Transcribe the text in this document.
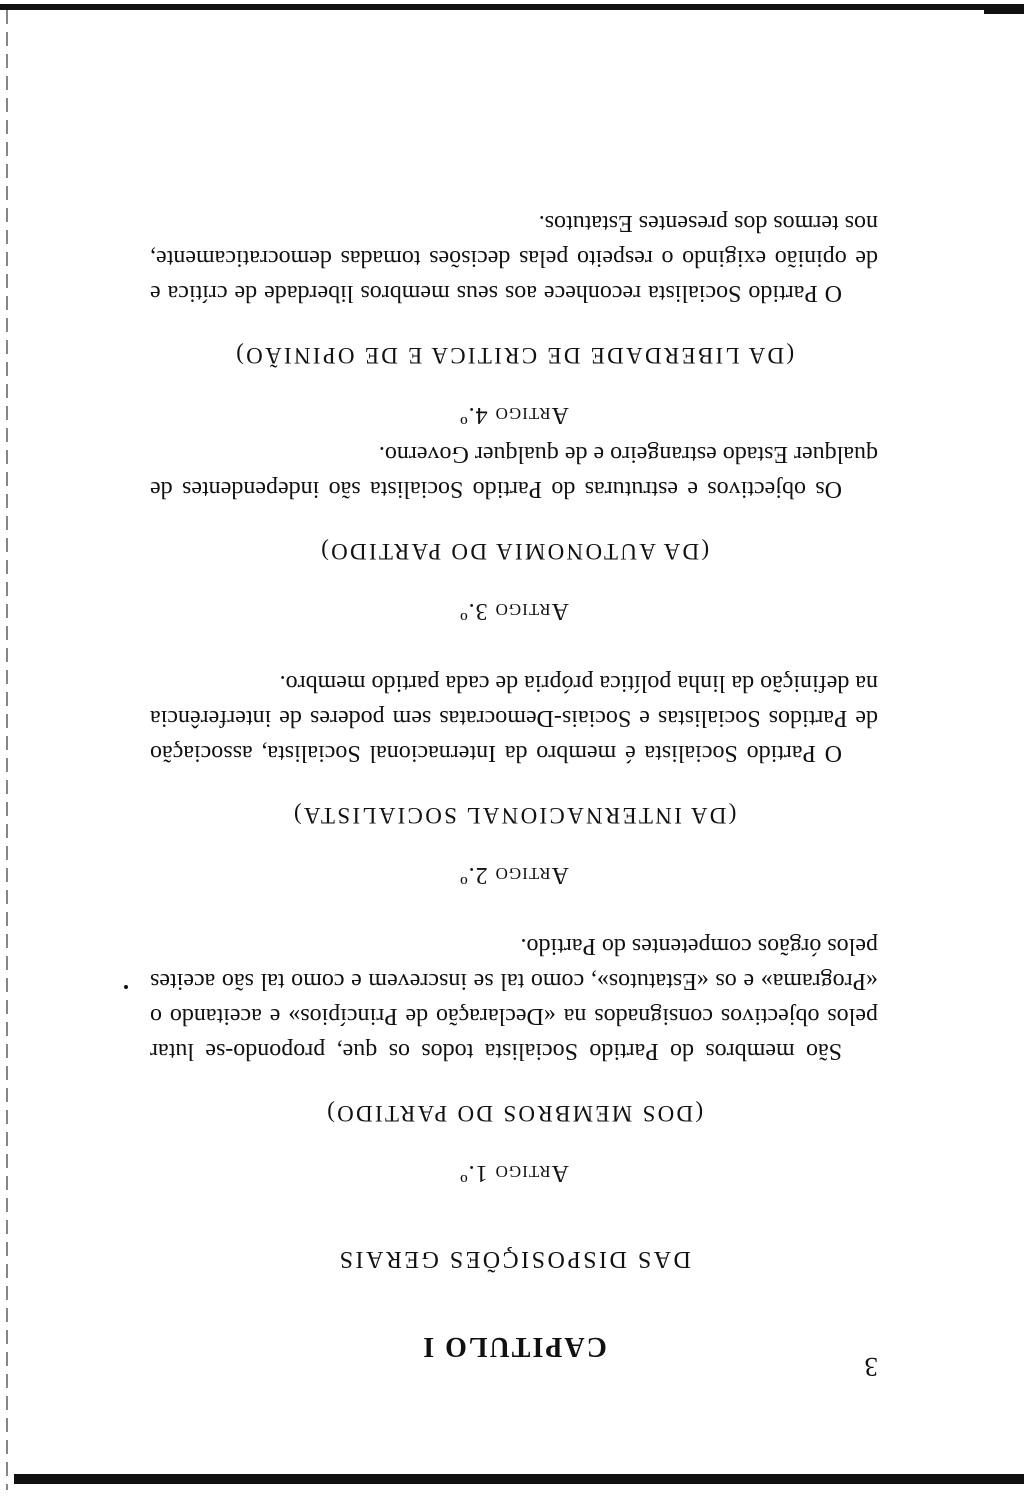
3
CAPITULO I
DAS DISPOSIÇÕES GERAIS
Artigo 1.º
(DOS MEMBROS DO PARTIDO)
São membros do Partido Socialista todos os que, propondo-se lutar pelos objectivos consignados na «Declaração de Princípios» e aceitando o «Programa» e os «Estatutos», como tal se inscrevem e como tal são aceites pelos órgãos competentes do Partido.
Artigo 2.º
(DA INTERNACIONAL SOCIALISTA)
O Partido Socialista é membro da Internacional Socialista, associação de Partidos Socialistas e Sociais-Democratas sem poderes de interferência na definição da linha política própria de cada partido membro.
Artigo 3.º
(DA AUTONOMIA DO PARTIDO)
Os objectivos e estruturas do Partido Socialista são independentes de qualquer Estado estrangeiro e de qualquer Governo.
Artigo 4.º
(DA LIBERDADE DE CRITICA E DE OPINIÃO)
O Partido Socialista reconhece aos seus membros liberdade de crítica e de opinião exigindo o respeito pelas decisões tomadas democraticamente, nos termos dos presentes Estatutos.
